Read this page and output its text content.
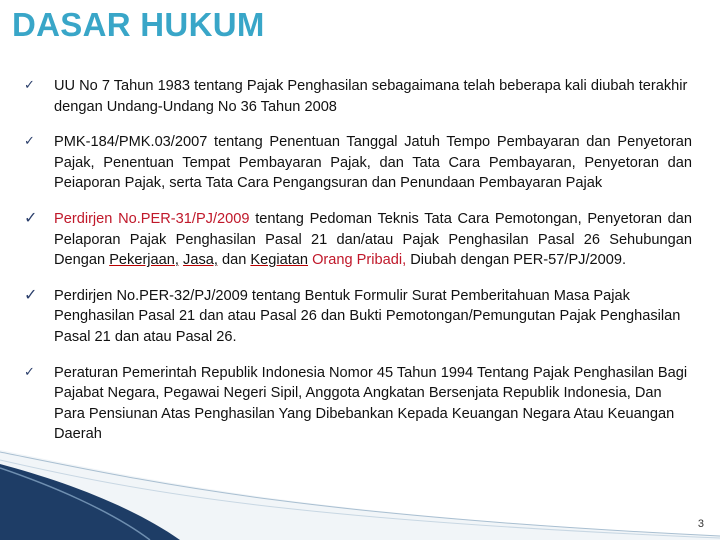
DASAR HUKUM
✓ UU No 7 Tahun 1983 tentang Pajak Penghasilan sebagaimana telah beberapa kali diubah terakhir dengan Undang-Undang No 36 Tahun 2008
✓ PMK-184/PMK.03/2007 tentang Penentuan Tanggal Jatuh Tempo Pembayaran dan Penyetoran Pajak, Penentuan Tempat Pembayaran Pajak, dan Tata Cara Pembayaran, Penyetoran dan Peiaporan Pajak, serta Tata Cara Pengangsuran dan Penundaan Pembayaran Pajak
✓ Perdirjen No.PER-31/PJ/2009 tentang Pedoman Teknis Tata Cara Pemotongan, Penyetoran dan Pelaporan Pajak Penghasilan Pasal 21 dan/atau Pajak Penghasilan Pasal 26 Sehubungan Dengan Pekerjaan, Jasa, dan Kegiatan Orang Pribadi, Diubah dengan PER-57/PJ/2009.
✓ Perdirjen No.PER-32/PJ/2009 tentang Bentuk Formulir Surat Pemberitahuan Masa Pajak Penghasilan Pasal 21 dan atau Pasal 26 dan Bukti Pemotongan/Pemungutan Pajak Penghasilan Pasal 21 dan atau Pasal 26.
✓ Peraturan Pemerintah Republik Indonesia Nomor 45 Tahun 1994 Tentang Pajak Penghasilan Bagi Pajabat Negara, Pegawai Negeri Sipil, Anggota Angkatan Bersenjata Republik Indonesia, Dan Para Pensiunan Atas Penghasilan Yang Dibebankan Kepada Keuangan Negara Atau Keuangan Daerah
3
